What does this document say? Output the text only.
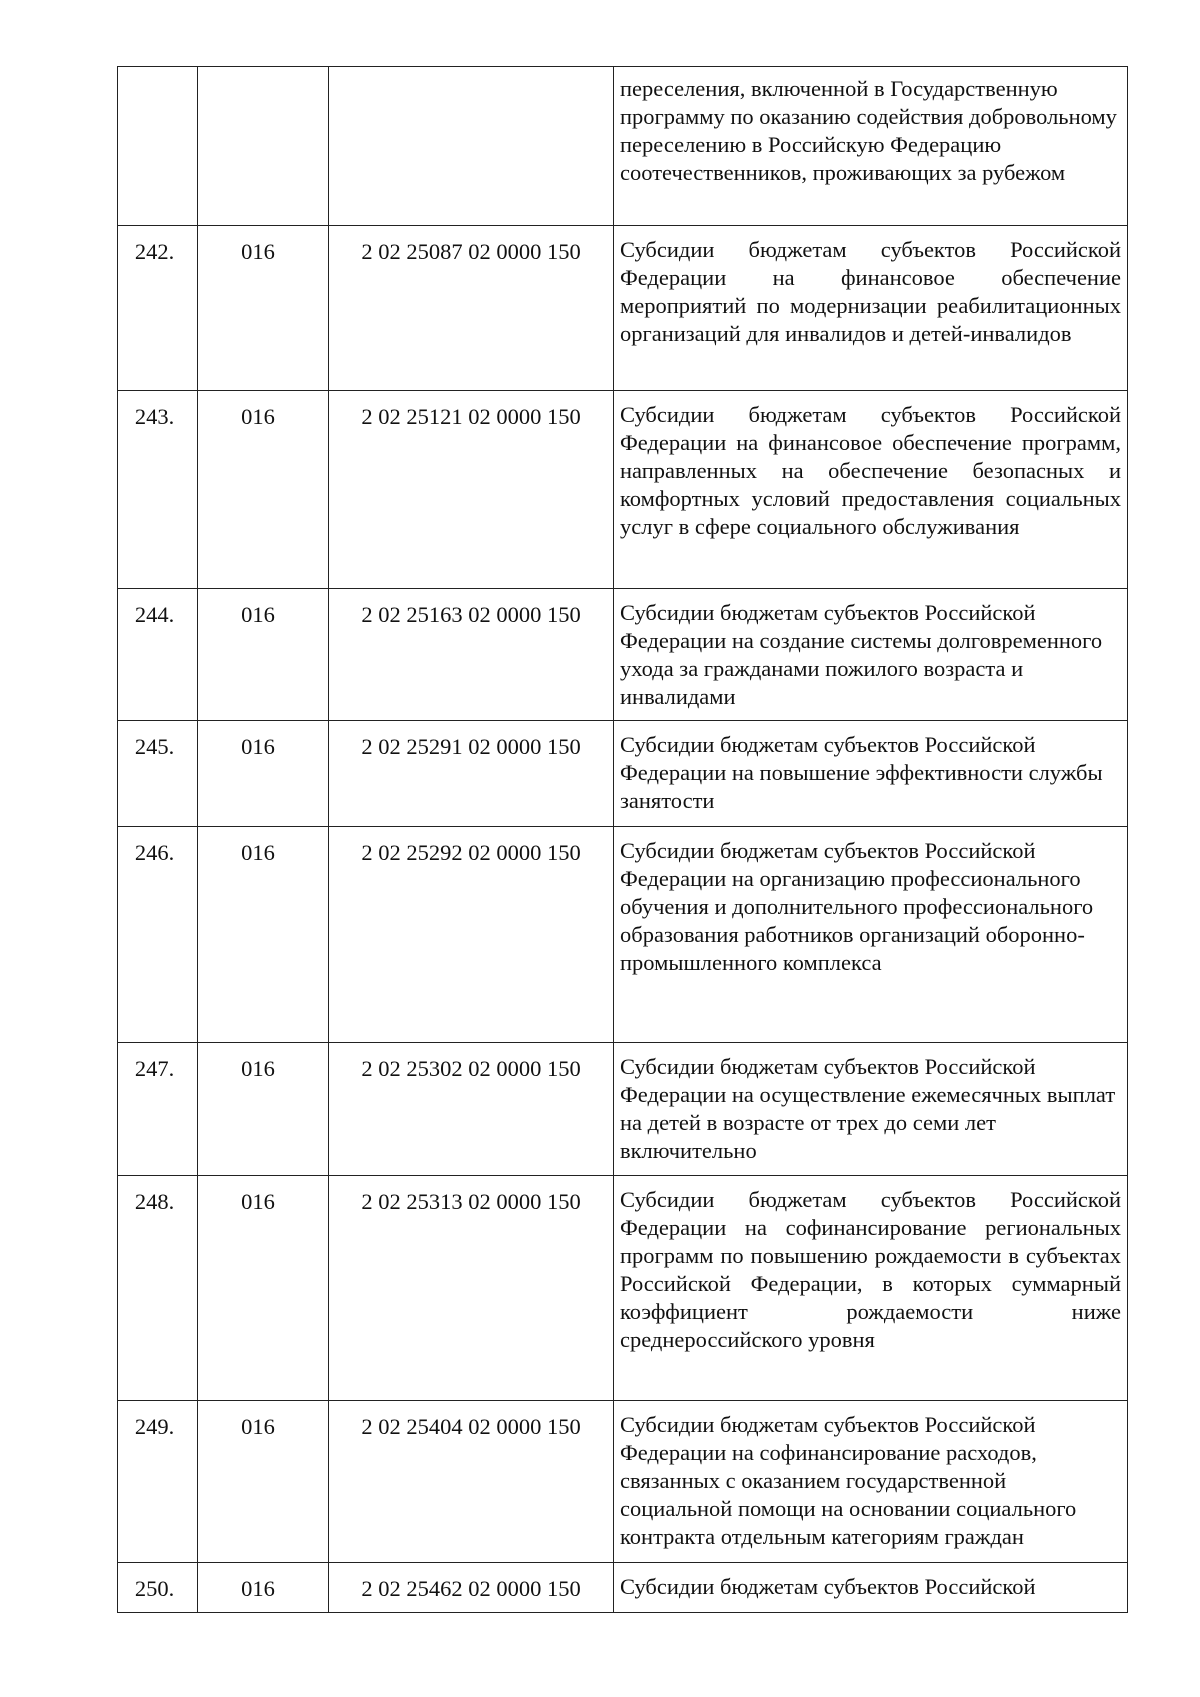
			переселения, включенной в Государственную программу по оказанию содействия добровольному переселению в Российскую Федерацию соотечественников, проживающих за рубежом

242.	016	2 02 25087 02 0000 150	Субсидии бюджетам субъектов Российской Федерации на финансовое обеспечение мероприятий по модернизации реабилитационных организаций для инвалидов и детей-инвалидов

243.	016	2 02 25121 02 0000 150	Субсидии бюджетам субъектов Российской Федерации на финансовое обеспечение программ, направленных на обеспечение безопасных и комфортных условий предоставления социальных услуг в сфере социального обслуживания

244.	016	2 02 25163 02 0000 150	Субсидии бюджетам субъектов Российской Федерации на создание системы долговременного ухода за гражданами пожилого возраста и инвалидами

245.	016	2 02 25291 02 0000 150	Субсидии бюджетам субъектов Российской Федерации на повышение эффективности службы занятости

246.	016	2 02 25292 02 0000 150	Субсидии бюджетам субъектов Российской Федерации на организацию профессионального обучения и дополнительного профессионального образования работников организаций оборонно-промышленного комплекса

247.	016	2 02 25302 02 0000 150	Субсидии бюджетам субъектов Российской Федерации на осуществление ежемесячных выплат на детей в возрасте от трех до семи лет включительно

248.	016	2 02 25313 02 0000 150	Субсидии бюджетам субъектов Российской Федерации на софинансирование региональных программ по повышению рождаемости в субъектах Российской Федерации, в которых суммарный коэффициент рождаемости ниже среднероссийского уровня

249.	016	2 02 25404 02 0000 150	Субсидии бюджетам субъектов Российской Федерации на софинансирование расходов, связанных с оказанием государственной социальной помощи на основании социального контракта отдельным категориям граждан

250.	016	2 02 25462 02 0000 150	Субсидии бюджетам субъектов Российской
